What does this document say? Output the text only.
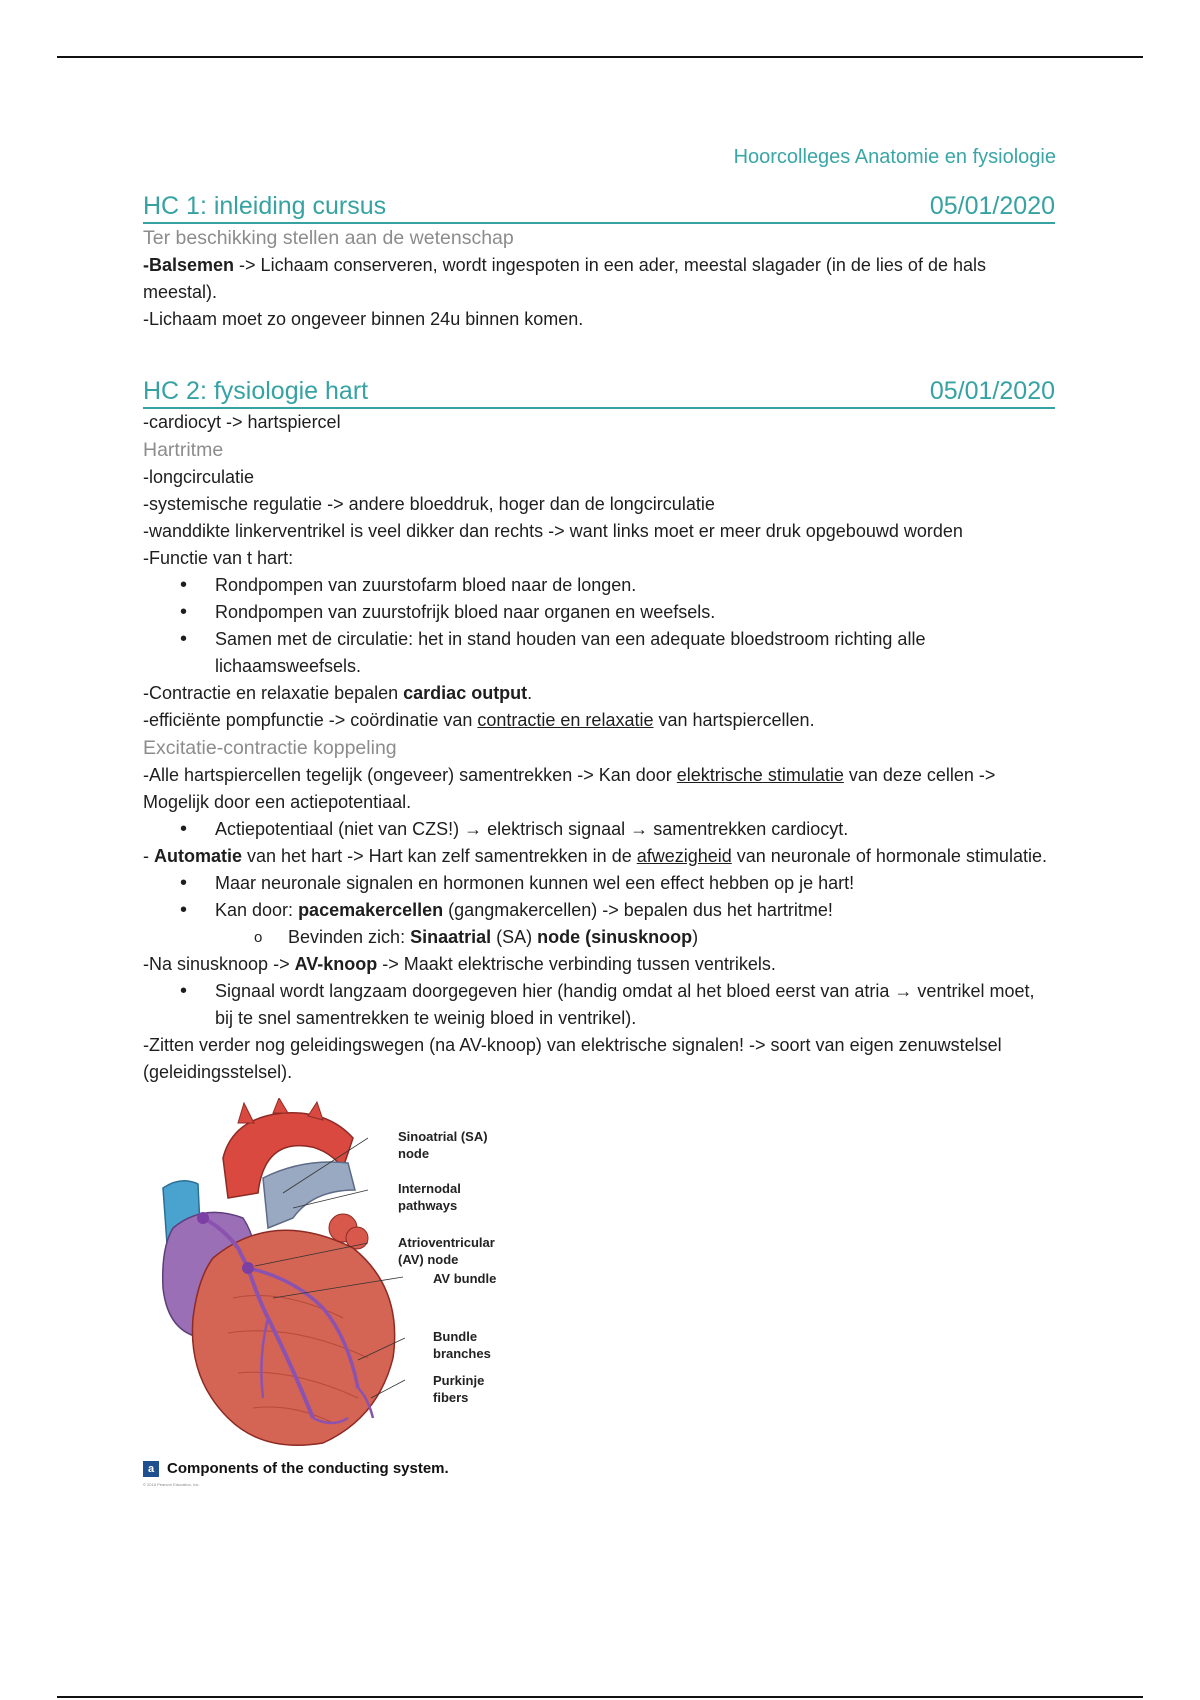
Hoorcolleges Anatomie en fysiologie
HC 1: inleiding cursus	05/01/2020
Ter beschikking stellen aan de wetenschap

-Balsemen -> Lichaam conserveren, wordt ingespoten in een ader, meestal slagader (in de lies of de hals meestal).

-Lichaam moet zo ongeveer binnen 24u binnen komen.

HC 2: fysiologie hart	05/01/2020

-cardiocyt -> hartspiercel

Hartritme

-longcirculatie

-systemische regulatie -> andere bloeddruk, hoger dan de longcirculatie

-wanddikte linkerventrikel is veel dikker dan rechts -> want links moet er meer druk opgebouwd worden

-Functie van t hart:

• Rondpompen van zuurstofarm bloed naar de longen.
• Rondpompen van zuurstofrijk bloed naar organen en weefsels.
• Samen met de circulatie: het in stand houden van een adequate bloedstroom richting alle lichaamsweefsels.

-Contractie en relaxatie bepalen cardiac output.

-efficiënte pompfunctie -> coördinatie van contractie en relaxatie van hartspiercellen.

Excitatie-contractie koppeling

-Alle hartspiercellen tegelijk (ongeveer) samentrekken -> Kan door elektrische stimulatie van deze cellen -> Mogelijk door een actiepotentiaal.

• Actiepotentiaal (niet van CZS!) → elektrisch signaal → samentrekken cardiocyt.

- Automatie van het hart -> Hart kan zelf samentrekken in de afwezigheid van neuronale of hormonale stimulatie.

• Maar neuronale signalen en hormonen kunnen wel een effect hebben op je hart!
• Kan door: pacemakercellen (gangmakercellen) -> bepalen dus het hartritme!
o Bevinden zich: Sinaatrial (SA) node (sinusknoop)

-Na sinusknoop -> AV-knoop -> Maakt elektrische verbinding tussen ventrikels.

• Signaal wordt langzaam doorgegeven hier (handig omdat al het bloed eerst van atria → ventrikel moet, bij te snel samentrekken te weinig bloed in ventrikel).

-Zitten verder nog geleidingswegen (na AV-knoop) van elektrische signalen! -> soort van eigen zenuwstelsel (geleidingsstelsel).

Sinoatrial (SA) node
Internodal pathways
Atrioventricular (AV) node
AV bundle
Bundle branches
Purkinje fibers
a Components of the conducting system.
© 2018 Pearson Education, Inc.
